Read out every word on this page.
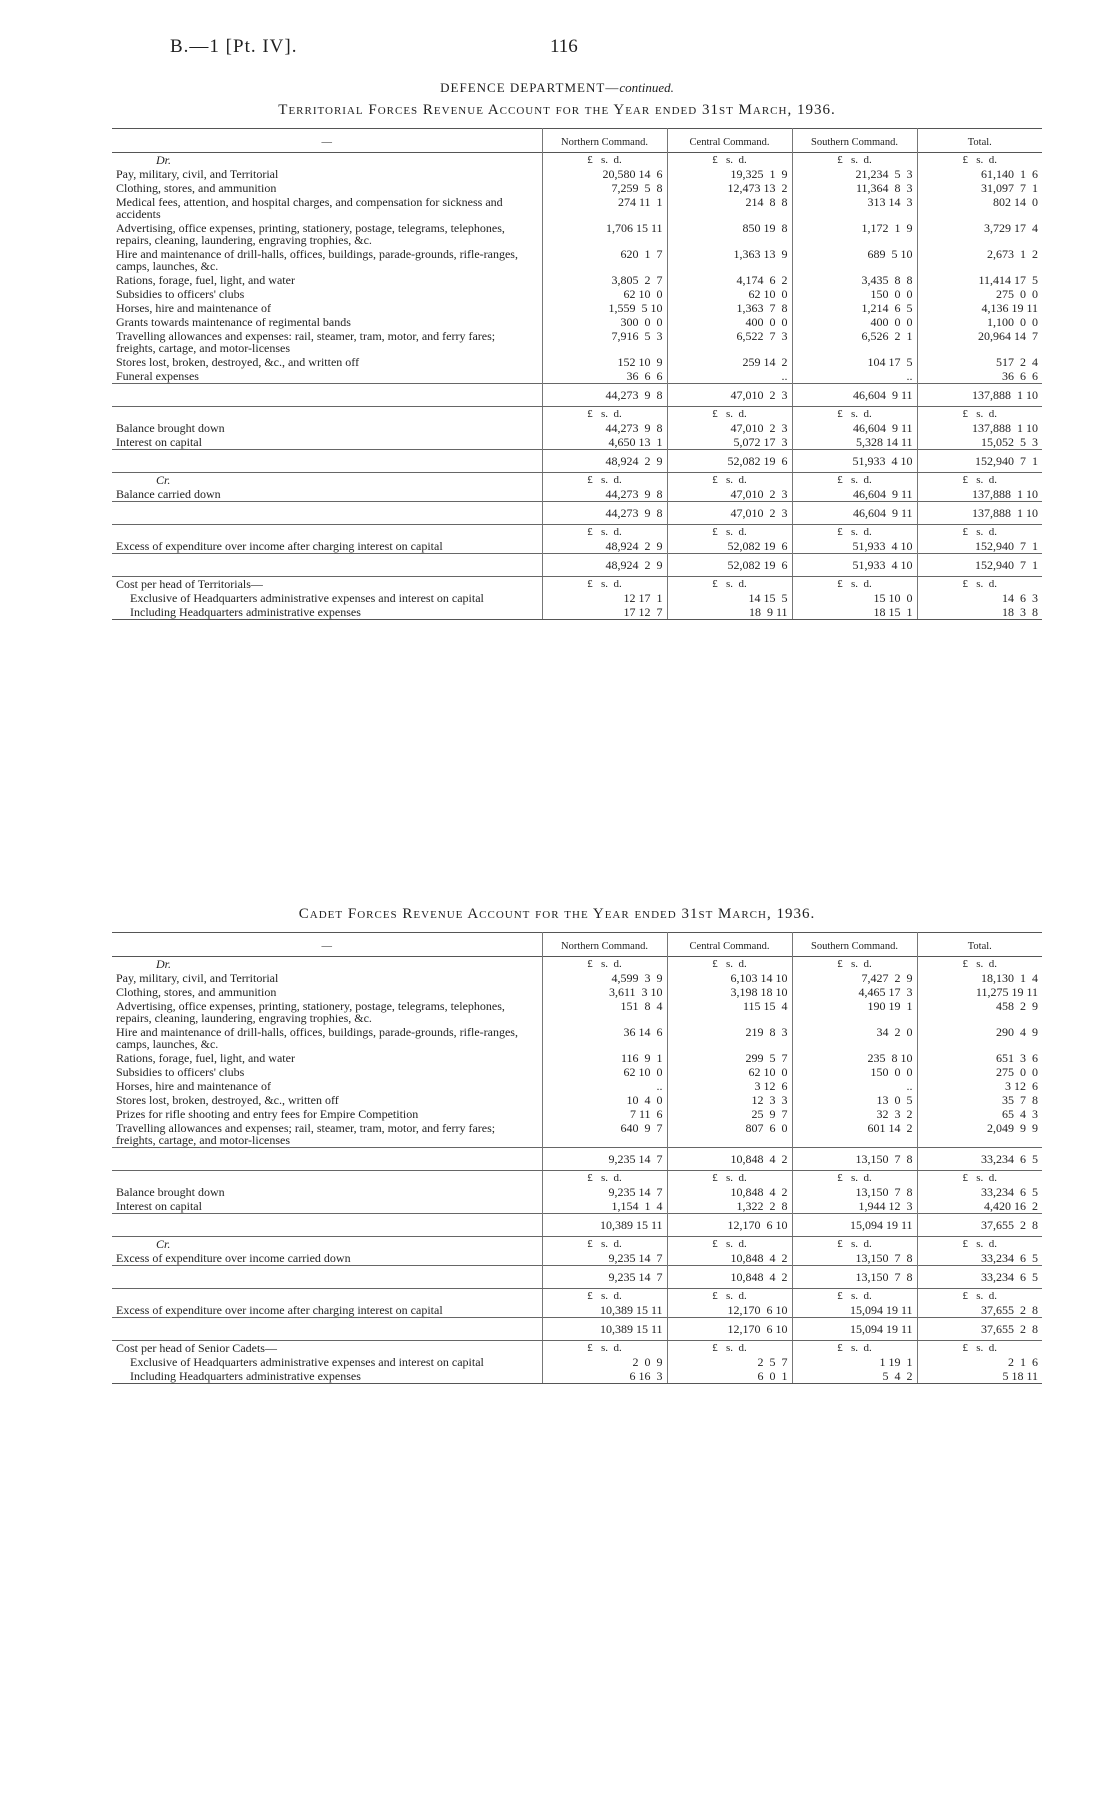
B.—1 [Pt. IV].	116
DEFENCE DEPARTMENT—continued.
Territorial Forces Revenue Account for the Year ended 31st March, 1936.
—	Northern Command.	Central Command.	Southern Command.	Total.

Dr.	£   s.  d.	£   s.  d.	£   s.  d.	£   s.  d.

Pay, military, civil, and Territorial	20,580 14  6	19,325  1  9	21,234  5  3	61,140  1  6

Clothing, stores, and ammunition	7,259  5  8	12,473 13  2	11,364  8  3	31,097  7  1

Medical fees, attention, and hospital charges, and compensation for sickness and accidents	274 11  1	214  8  8	313 14  3	802 14  0

Advertising, office expenses, printing, stationery, postage, telegrams, telephones, repairs, cleaning, laundering, engraving trophies, &c.	1,706 15 11	850 19  8	1,172  1  9	3,729 17  4

Hire and maintenance of drill-halls, offices, buildings, parade-grounds, rifle-ranges, camps, launches, &c.	620  1  7	1,363 13  9	689  5 10	2,673  1  2

Rations, forage, fuel, light, and water	3,805  2  7	4,174  6  2	3,435  8  8	11,414 17  5

Subsidies to officers' clubs	62 10  0	62 10  0	150  0  0	275  0  0

Horses, hire and maintenance of	1,559  5 10	1,363  7  8	1,214  6  5	4,136 19 11

Grants towards maintenance of regimental bands	300  0  0	400  0  0	400  0  0	1,100  0  0

Travelling allowances and expenses: rail, steamer, tram, motor, and ferry fares; freights, cartage, and motor-licenses	7,916  5  3	6,522  7  3	6,526  2  1	20,964 14  7

Stores lost, broken, destroyed, &c., and written off	152 10  9	259 14  2	104 17  5	517  2  4

Funeral expenses	36  6  6	..	..	36  6  6

	44,273  9  8	47,010  2  3	46,604  9 11	137,888  1 10

	£   s.  d.	£   s.  d.	£   s.  d.	£   s.  d.

Balance brought down	44,273  9  8	47,010  2  3	46,604  9 11	137,888  1 10

Interest on capital	4,650 13  1	5,072 17  3	5,328 14 11	15,052  5  3

	48,924  2  9	52,082 19  6	51,933  4 10	152,940  7  1

Cr.	£   s.  d.	£   s.  d.	£   s.  d.	£   s.  d.

Balance carried down	44,273  9  8	47,010  2  3	46,604  9 11	137,888  1 10

	44,273  9  8	47,010  2  3	46,604  9 11	137,888  1 10

	£   s.  d.	£   s.  d.	£   s.  d.	£   s.  d.

Excess of expenditure over income after charging interest on capital	48,924  2  9	52,082 19  6	51,933  4 10	152,940  7  1

	48,924  2  9	52,082 19  6	51,933  4 10	152,940  7  1

Cost per head of Territorials—	£   s.  d.	£   s.  d.	£   s.  d.	£   s.  d.

Exclusive of Headquarters administrative expenses and interest on capital	12 17  1	14 15  5	15 10  0	14  6  3

Including Headquarters administrative expenses	17 12  7	18  9 11	18 15  1	18  3  8
Cadet Forces Revenue Account for the Year ended 31st March, 1936.
—	Northern Command.	Central Command.	Southern Command.	Total.

Dr.	£   s.  d.	£   s.  d.	£   s.  d.	£   s.  d.

Pay, military, civil, and Territorial	4,599  3  9	6,103 14 10	7,427  2  9	18,130  1  4

Clothing, stores, and ammunition	3,611  3 10	3,198 18 10	4,465 17  3	11,275 19 11

Advertising, office expenses, printing, stationery, postage, telegrams, telephones, repairs, cleaning, laundering, engraving trophies, &c.	151  8  4	115 15  4	190 19  1	458  2  9

Hire and maintenance of drill-halls, offices, buildings, parade-grounds, rifle-ranges, camps, launches, &c.	36 14  6	219  8  3	34  2  0	290  4  9

Rations, forage, fuel, light, and water	116  9  1	299  5  7	235  8 10	651  3  6

Subsidies to officers' clubs	62 10  0	62 10  0	150  0  0	275  0  0

Horses, hire and maintenance of	..	3 12  6	..	3 12  6

Stores lost, broken, destroyed, &c., written off	10  4  0	12  3  3	13  0  5	35  7  8

Prizes for rifle shooting and entry fees for Empire Competition	7 11  6	25  9  7	32  3  2	65  4  3

Travelling allowances and expenses; rail, steamer, tram, motor, and ferry fares; freights, cartage, and motor-licenses	640  9  7	807  6  0	601 14  2	2,049  9  9

	9,235 14  7	10,848  4  2	13,150  7  8	33,234  6  5

	£   s.  d.	£   s.  d.	£   s.  d.	£   s.  d.

Balance brought down	9,235 14  7	10,848  4  2	13,150  7  8	33,234  6  5

Interest on capital	1,154  1  4	1,322  2  8	1,944 12  3	4,420 16  2

	10,389 15 11	12,170  6 10	15,094 19 11	37,655  2  8

Cr.	£   s.  d.	£   s.  d.	£   s.  d.	£   s.  d.

Excess of expenditure over income carried down	9,235 14  7	10,848  4  2	13,150  7  8	33,234  6  5

	9,235 14  7	10,848  4  2	13,150  7  8	33,234  6  5

	£   s.  d.	£   s.  d.	£   s.  d.	£   s.  d.

Excess of expenditure over income after charging interest on capital	10,389 15 11	12,170  6 10	15,094 19 11	37,655  2  8

	10,389 15 11	12,170  6 10	15,094 19 11	37,655  2  8

Cost per head of Senior Cadets—	£   s.  d.	£   s.  d.	£   s.  d.	£   s.  d.

Exclusive of Headquarters administrative expenses and interest on capital	2  0  9	2  5  7	1 19  1	2  1  6

Including Headquarters administrative expenses	6 16  3	6  0  1	5  4  2	5 18 11
